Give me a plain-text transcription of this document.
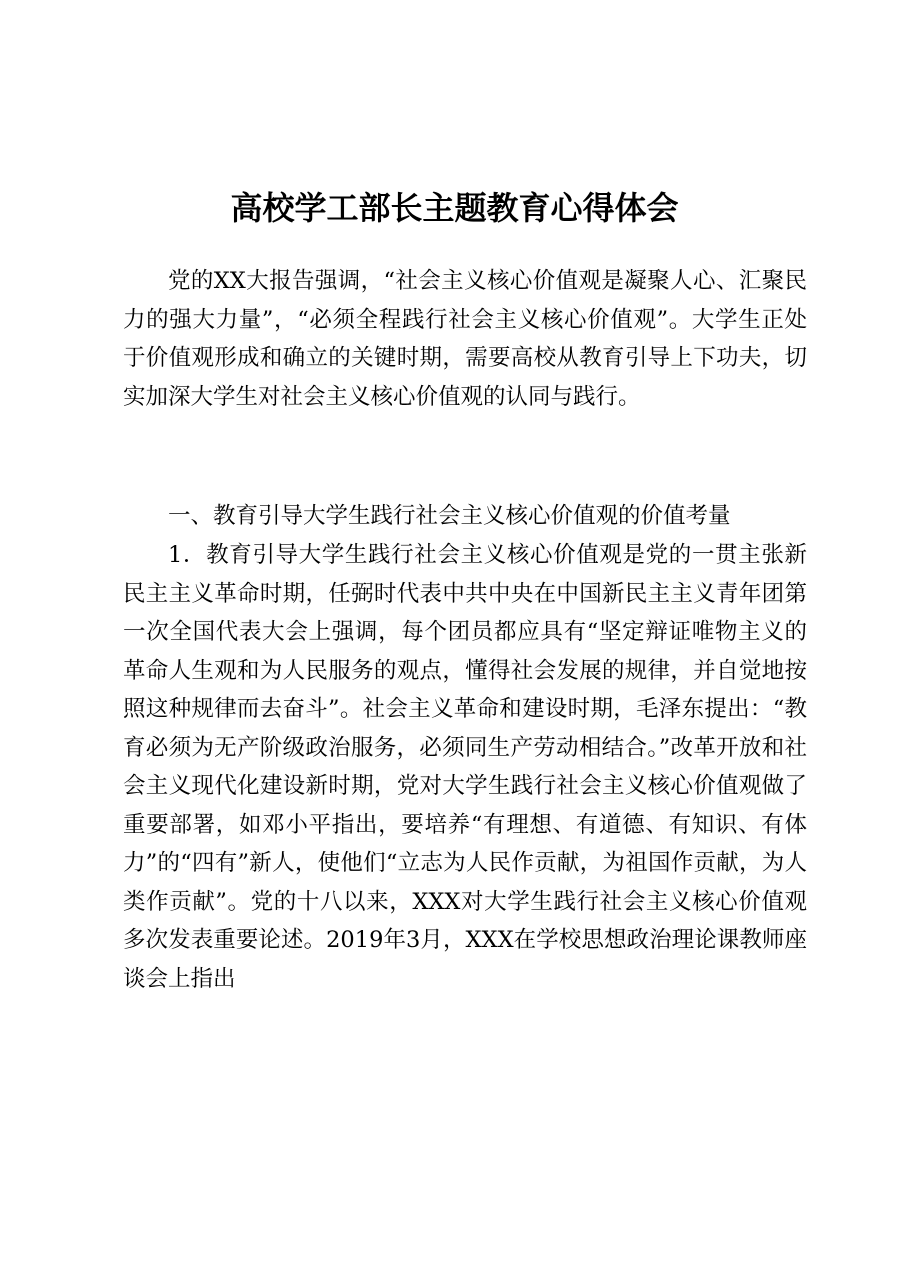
高校学工部长主题教育心得体会

党的XX大报告强调，“社会主义核心价值观是凝聚人心、汇聚民力的强大力量”，“必须全程践行社会主义核心价值观”。大学生正处于价值观形成和确立的关键时期，需要高校从教育引导上下功夫，切实加深大学生对社会主义核心价值观的认同与践行。

一、教育引导大学生践行社会主义核心价值观的价值考量

1．教育引导大学生践行社会主义核心价值观是党的一贯主张新民主主义革命时期，任弼时代表中共中央在中国新民主主义青年团第一次全国代表大会上强调，每个团员都应具有“坚定辩证唯物主义的革命人生观和为人民服务的观点，懂得社会发展的规律，并自觉地按照这种规律而去奋斗”。社会主义革命和建设时期，毛泽东提出：“教育必须为无产阶级政治服务，必须同生产劳动相结合。”改革开放和社会主义现代化建设新时期，党对大学生践行社会主义核心价值观做了重要部署，如邓小平指出，要培养“有理想、有道德、有知识、有体力”的“四有”新人，使他们“立志为人民作贡献，为祖国作贡献，为人类作贡献”。党的十八以来，XXX对大学生践行社会主义核心价值观多次发表重要论述。2019年3月，XXX在学校思想政治理论课教师座谈会上指出
